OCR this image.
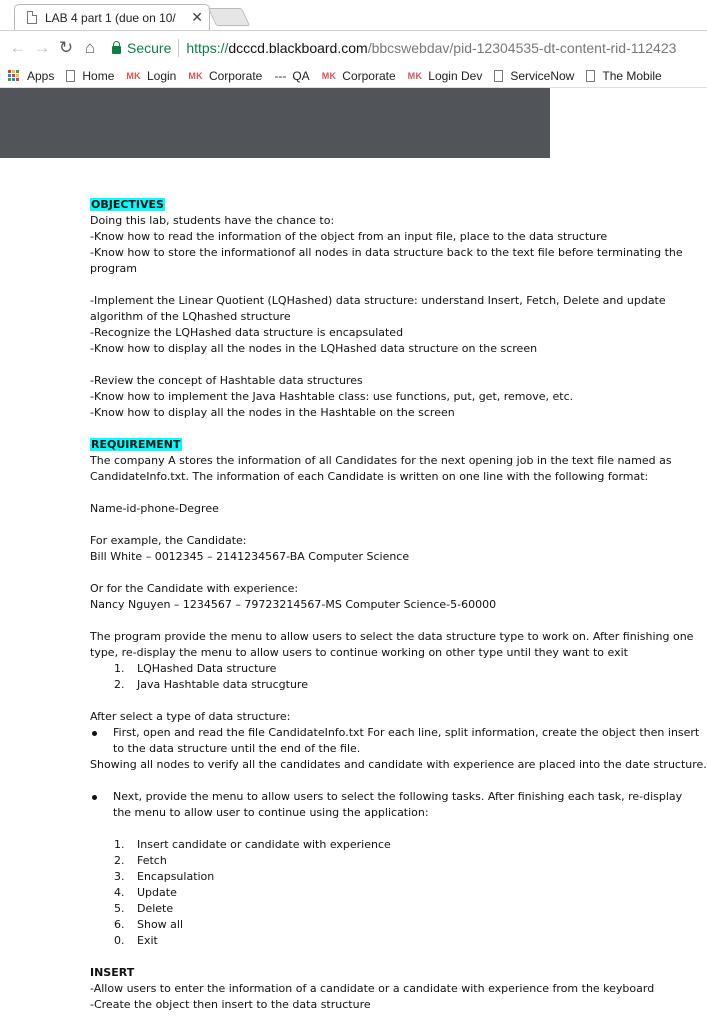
LAB 4 part 1 (due on 10/	✕
← → ↻ ⌂	Secure https:// dcccd.blackboard.com /bbcswebdav/pid-12304535-dt-content-rid-112423
Apps Home MK Login MK Corporate --- QA MK Corporate MK Login Dev ServiceNow The Mobile
OBJECTIVES
Doing this lab, students have the chance to:
-Know how to read the information of the object from an input file, place to the data structure
-Know how to store the informationof all nodes in data structure back to the text file before terminating the program
-Implement the Linear Quotient (LQHashed) data structure: understand Insert, Fetch, Delete and update algorithm of the LQhashed structure
-Recognize the LQHashed data structure is encapsulated
-Know how to display all the nodes in the LQHashed data structure on the screen
-Review the concept of Hashtable data structures
-Know how to implement the Java Hashtable class: use functions, put, get, remove, etc.
-Know how to display all the nodes in the Hashtable on the screen
REQUIREMENT
The company A stores the information of all Candidates for the next opening job in the text file named as CandidateInfo.txt. The information of each Candidate is written on one line with the following format:
Name-id-phone-Degree
For example, the Candidate:
Bill White – 0012345 – 2141234567-BA Computer Science
Or for the Candidate with experience:
Nancy Nguyen – 1234567 – 79723214567-MS Computer Science-5-60000
The program provide the menu to allow users to select the data structure type to work on. After finishing one type, re-display the menu to allow users to continue working on other type until they want to exit
1. LQHashed Data structure
2. Java Hashtable data strucgture
After select a type of data structure:
First, open and read the file CandidateInfo.txt For each line, split information, create the object then insert to the data structure until the end of the file.
Showing all nodes to verify all the candidates and candidate with experience are placed into the date structure.
Next, provide the menu to allow users to select the following tasks. After finishing each task, re-display the menu to allow user to continue using the application:
1. Insert candidate or candidate with experience
2. Fetch
3. Encapsulation
4. Update
5. Delete
6. Show all
0. Exit
INSERT
-Allow users to enter the information of a candidate or a candidate with experience from the keyboard
-Create the object then insert to the data structure
